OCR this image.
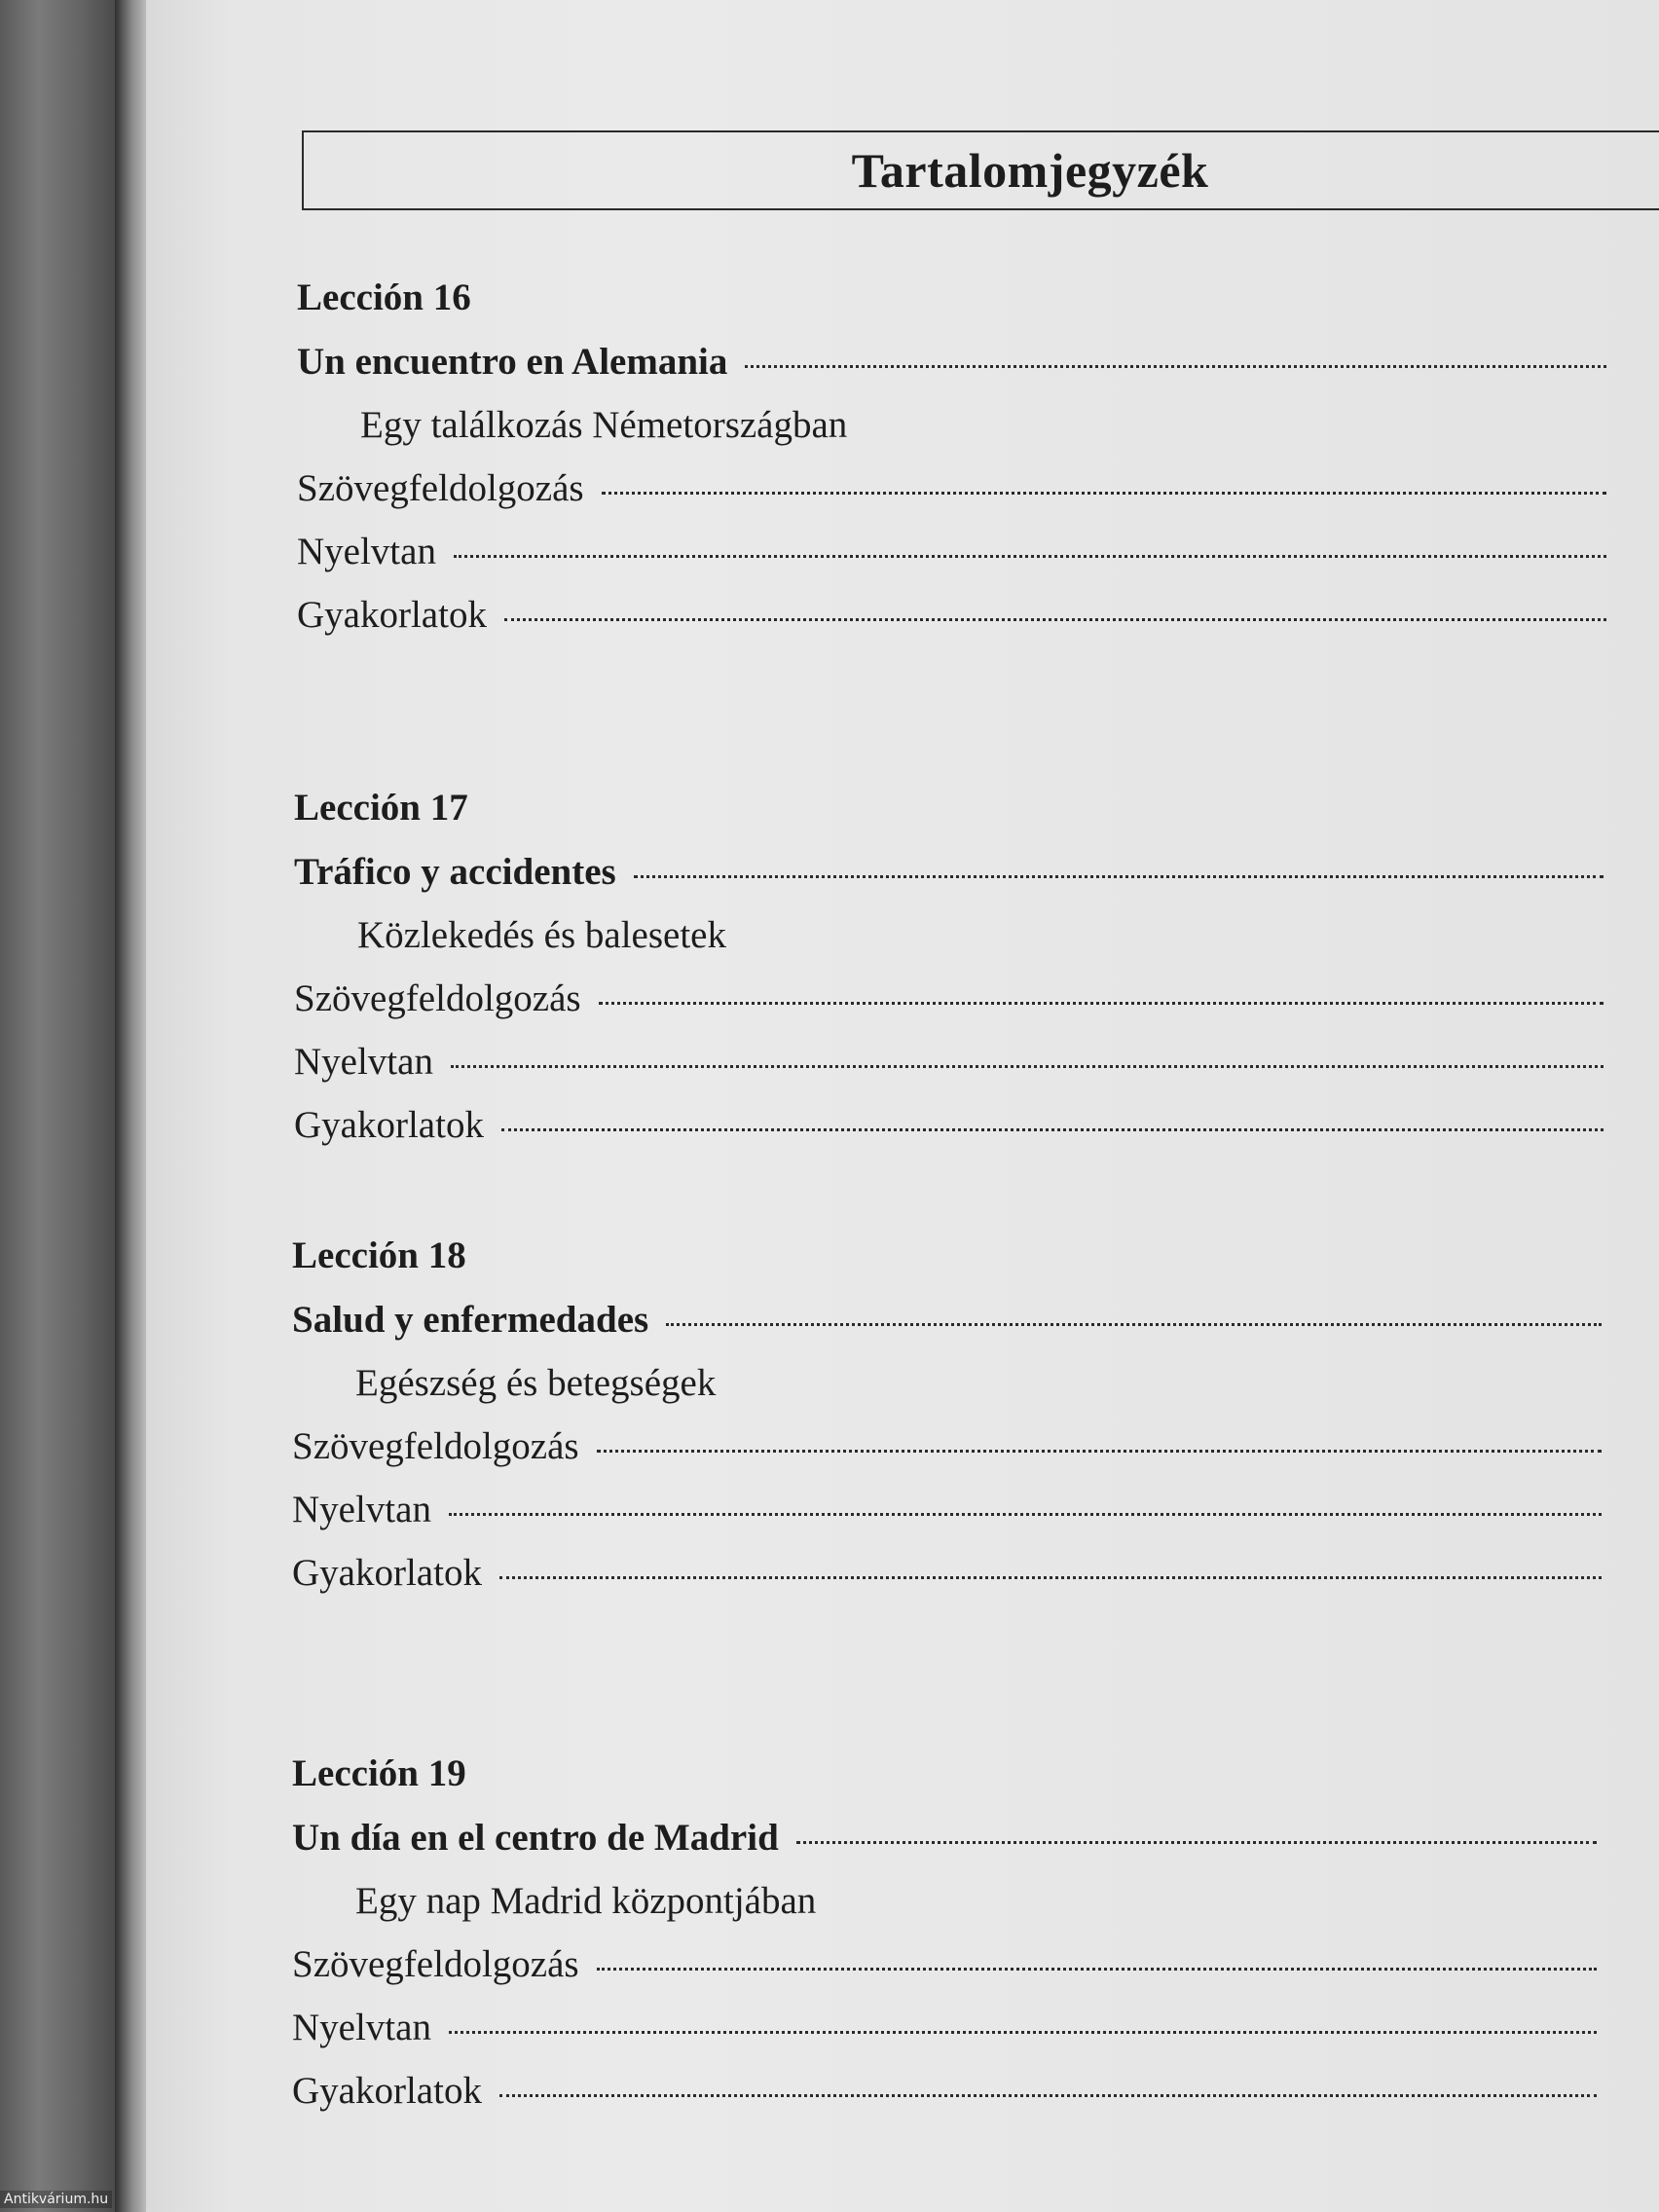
Tartalomjegyzék
Lección 16
Un encuentro en Alemania
Egy találkozás Németországban
Szövegfeldolgozás
Nyelvtan
Gyakorlatok
Lección 17
Tráfico y accidentes
Közlekedés és balesetek
Szövegfeldolgozás
Nyelvtan
Gyakorlatok
Lección 18
Salud y enfermedades
Egészség és betegségek
Szövegfeldolgozás
Nyelvtan
Gyakorlatok
Lección 19
Un día en el centro de Madrid
Egy nap Madrid központjában
Szövegfeldolgozás
Nyelvtan
Gyakorlatok
Antikvárium.hu
